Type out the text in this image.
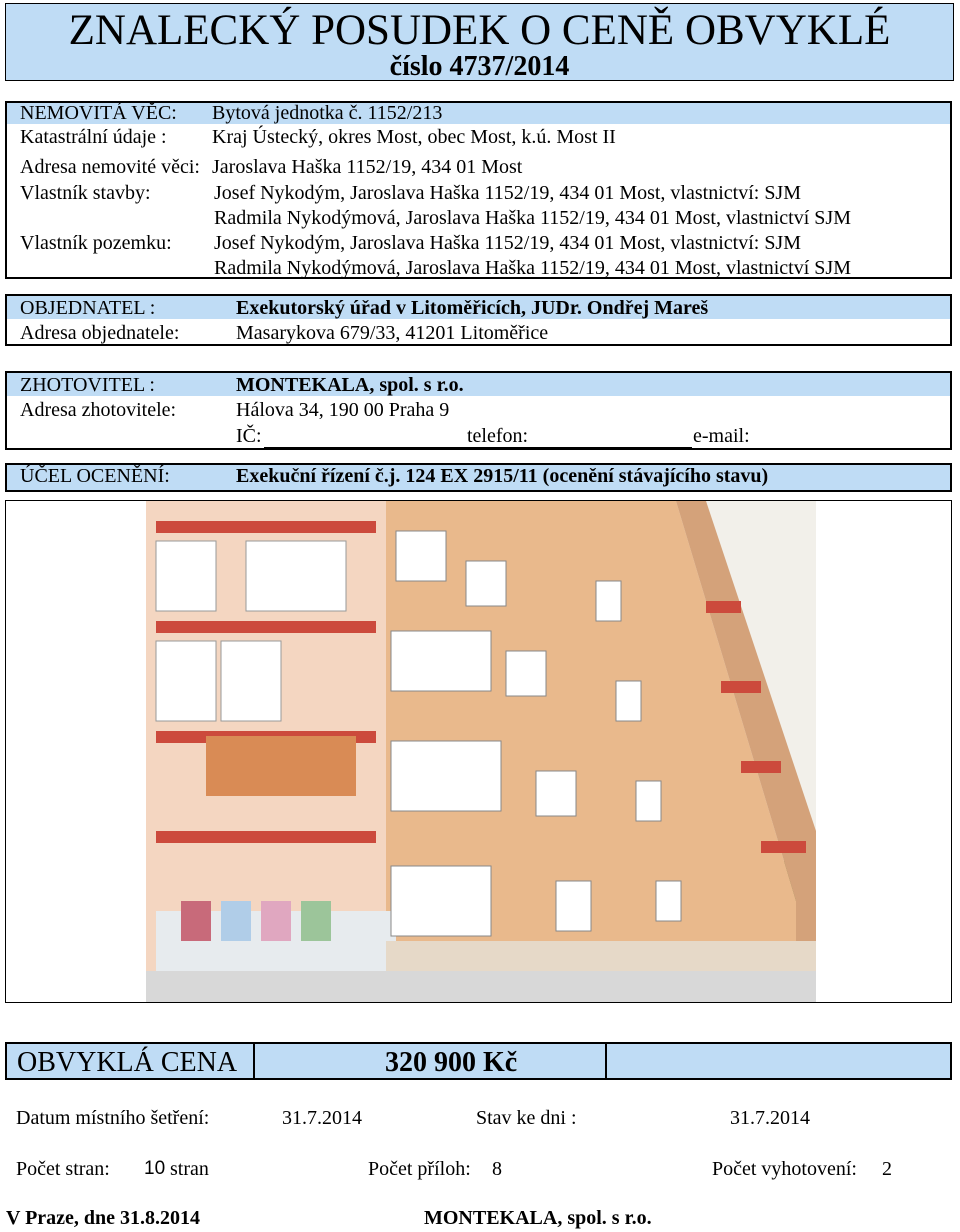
ZNALECKÝ POSUDEK O CENĚ OBVYKLÉ
číslo 4737/2014
NEMOVITÁ VĚC: Bytová jednotka č. 1152/213
Katastrální údaje : Kraj Ústecký, okres Most, obec Most, k.ú. Most II
Adresa nemovité věci: Jaroslava Haška 1152/19, 434 01 Most
Vlastník stavby:	Josef Nykodým, Jaroslava Haška 1152/19, 434 01 Most, vlastnictví: SJM
Radmila Nykodýmová, Jaroslava Haška 1152/19, 434 01 Most, vlastnictví SJM
Vlastník pozemku: Josef Nykodým, Jaroslava Haška 1152/19, 434 01 Most, vlastnictví: SJM
Radmila Nykodýmová, Jaroslava Haška 1152/19, 434 01 Most, vlastnictví SJM
OBJEDNATEL :	Exekutorský úřad v Litoměřicích, JUDr. Ondřej Mareš
Adresa objednatele:	Masarykova 679/33, 41201 Litoměřice
ZHOTOVITEL :	MONTEKALA, spol. s r.o.
Adresa zhotovitele:	Hálova 34, 190 00 Praha 9
IČ:	telefon:	e-mail:
ÚČEL OCENĚNÍ:	Exekuční řízení č.j. 124 EX 2915/11 (ocenění stávajícího stavu)
OBVYKLÁ CENA	320 900 Kč
Datum místního šetření:	31.7.2014	Stav ke dni :	31.7.2014
Počet stran: 10 stran	Počet příloh: 8	Počet vyhotovení: 2
V Praze, dne 31.8.2014	MONTEKALA, spol. s r.o.
